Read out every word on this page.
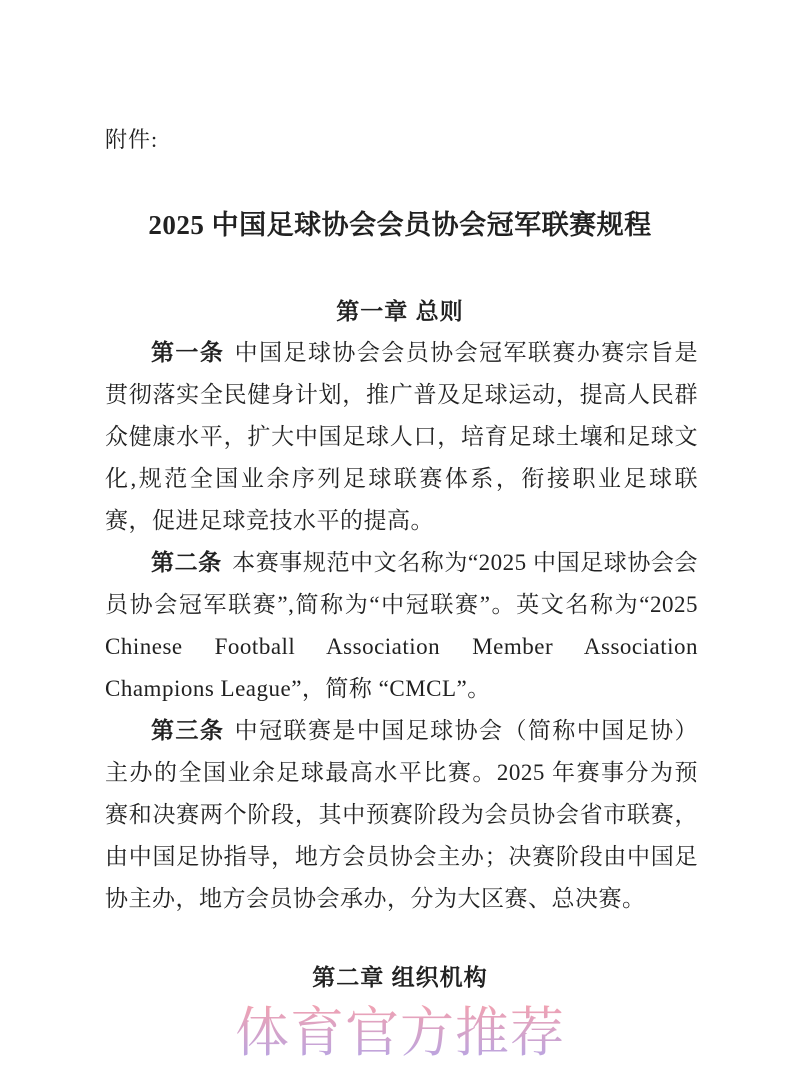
附件:
2025 中国足球协会会员协会冠军联赛规程
第一章 总则

第一条 中国足球协会会员协会冠军联赛办赛宗旨是贯彻落实全民健身计划，推广普及足球运动，提高人民群众健康水平，扩大中国足球人口，培育足球土壤和足球文化,规范全国业余序列足球联赛体系，衔接职业足球联赛，促进足球竞技水平的提高。

第二条 本赛事规范中文名称为“2025 中国足球协会会员协会冠军联赛”,简称为“中冠联赛”。英文名称为“2025 Chinese Football Association Member Association Champions League”，简称 “CMCL”。

第三条 中冠联赛是中国足球协会（简称中国足协）主办的全国业余足球最高水平比赛。2025 年赛事分为预赛和决赛两个阶段，其中预赛阶段为会员协会省市联赛，由中国足协指导，地方会员协会主办；决赛阶段由中国足协主办，地方会员协会承办，分为大区赛、总决赛。

第二章 组织机构
体育官方推荐
